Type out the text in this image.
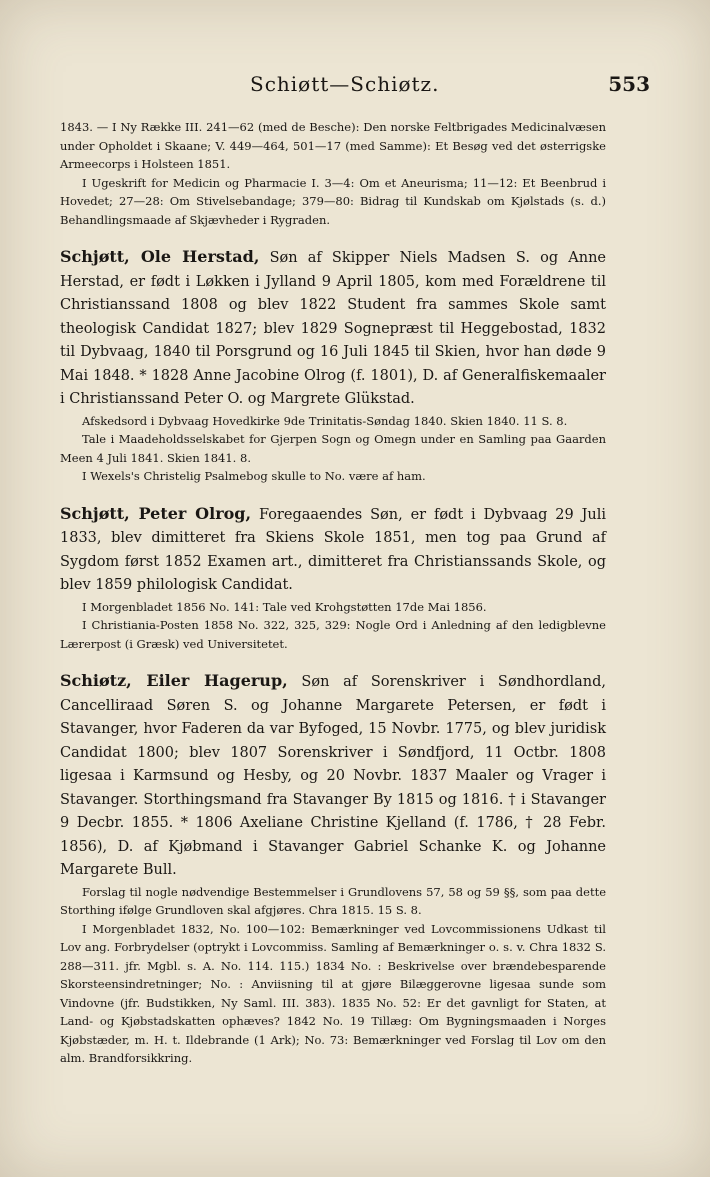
Schiøtt—Schiøtz.	553

1843. — I Ny Række III. 241—62 (med de Besche): Den norske Feltbrigades Medicinalvæsen under Opholdet i Skaane; V. 449—464, 501—17 (med Samme): Et Besøg ved det østerrigske Armeecorps i Holsteen 1851.

I Ugeskrift for Medicin og Pharmacie I. 3—4: Om et Aneurisma; 11—12: Et Beenbrud i Hovedet; 27—28: Om Stivelsebandage; 379—80: Bidrag til Kundskab om Kjølstads (s. d.) Behandlingsmaade af Skjævheder i Rygraden.

Schjøtt, Ole Herstad, Søn af Skipper Niels Madsen S. og Anne Herstad, er født i Løkken i Jylland 9 April 1805, kom med Forældrene til Christianssand 1808 og blev 1822 Student fra sammes Skole samt theologisk Candidat 1827; blev 1829 Sognepræst til Heggebostad, 1832 til Dybvaag, 1840 til Porsgrund og 16 Juli 1845 til Skien, hvor han døde 9 Mai 1848. * 1828 Anne Jacobine Olrog (f. 1801), D. af Generalfiskemaaler i Christianssand Peter O. og Margrete Glükstad.

Afskedsord i Dybvaag Hovedkirke 9de Trinitatis-Søndag 1840. Skien 1840. 11 S. 8.

Tale i Maadeholdsselskabet for Gjerpen Sogn og Omegn under en Samling paa Gaarden Meen 4 Juli 1841. Skien 1841. 8.

I Wexels's Christelig Psalmebog skulle to No. være af ham.

Schjøtt, Peter Olrog, Foregaaendes Søn, er født i Dybvaag 29 Juli 1833, blev dimitteret fra Skiens Skole 1851, men tog paa Grund af Sygdom først 1852 Examen art., dimitteret fra Christianssands Skole, og blev 1859 philologisk Candidat.

I Morgenbladet 1856 No. 141: Tale ved Krohgstøtten 17de Mai 1856.

I Christiania-Posten 1858 No. 322, 325, 329: Nogle Ord i Anledning af den ledigblevne Lærerpost (i Græsk) ved Universitetet.

Schiøtz, Eiler Hagerup, Søn af Sorenskriver i Søndhordland, Cancelliraad Søren S. og Johanne Margarete Petersen, er født i Stavanger, hvor Faderen da var Byfoged, 15 Novbr. 1775, og blev juridisk Candidat 1800; blev 1807 Sorenskriver i Søndfjord, 11 Octbr. 1808 ligesaa i Karmsund og Hesby, og 20 Novbr. 1837 Maaler og Vrager i Stavanger. Storthingsmand fra Stavanger By 1815 og 1816. † i Stavanger 9 Decbr. 1855. * 1806 Axeliane Christine Kjelland (f. 1786, † 28 Febr. 1856), D. af Kjøbmand i Stavanger Gabriel Schanke K. og Johanne Margarete Bull.

Forslag til nogle nødvendige Bestemmelser i Grundlovens 57, 58 og 59 §§, som paa dette Storthing ifølge Grundloven skal afgjøres. Chra 1815. 15 S. 8.

I Morgenbladet 1832, No. 100—102: Bemærkninger ved Lovcommissionens Udkast til Lov ang. Forbrydelser (optrykt i Lovcommiss. Samling af Bemærkninger o. s. v. Chra 1832 S. 288—311. jfr. Mgbl. s. A. No. 114. 115.) 1834 No. : Beskrivelse over brændebesparende Skorsteensindretninger; No. : Anviisning til at gjøre Bilæggerovne ligesaa sunde som Vindovne (jfr. Budstikken, Ny Saml. III. 383). 1835 No. 52: Er det gavnligt for Staten, at Land- og Kjøbstadskatten ophæves? 1842 No. 19 Tillæg: Om Bygningsmaaden i Norges Kjøbstæder, m. H. t. Ildebrande (1 Ark); No. 73: Bemærkninger ved Forslag til Lov om den alm. Brandforsikkring.
